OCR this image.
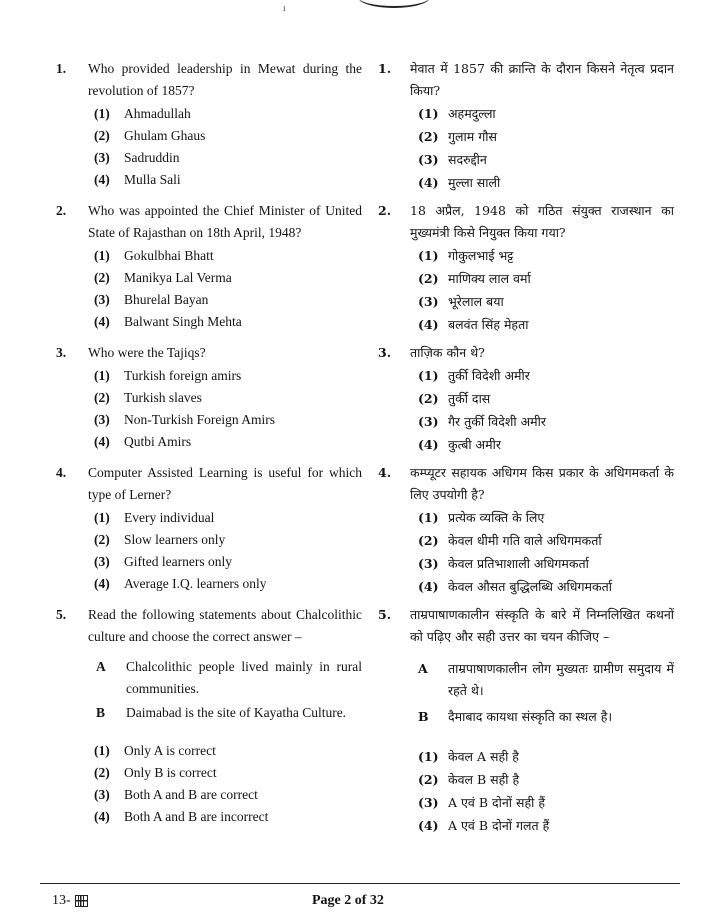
ɪ
1.	Who provided leadership in Mewat during the revolution of 1857?
(1)	Ahmadullah
(2)	Ghulam Ghaus
(3)	Sadruddin
(4)	Mulla Sali
2.	Who was appointed the Chief Minister of United State of Rajasthan on 18th April, 1948?
(1)	Gokulbhai Bhatt
(2)	Manikya Lal Verma
(3)	Bhurelal Bayan
(4)	Balwant Singh Mehta
3.	Who were the Tajiqs?
(1)	Turkish foreign amirs
(2)	Turkish slaves
(3)	Non-Turkish Foreign Amirs
(4)	Qutbi Amirs
4.	Computer Assisted Learning is useful for which type of Lerner?
(1)	Every individual
(2)	Slow learners only
(3)	Gifted learners only
(4)	Average I.Q. learners only
5.	Read the following statements about Chalcolithic culture and choose the correct answer –
A	Chalcolithic people lived mainly in rural communities.
B	Daimabad is the site of Kayatha Culture.
(1)	Only A is correct
(2)	Only B is correct
(3)	Both A and B are correct
(4)	Both A and B are incorrect
1.	मेवात में 1857 की क्रान्ति के दौरान किसने नेतृत्व प्रदान किया?
(1) अहमदुल्ला
(2) गुलाम गौस
(3) सदरुद्दीन
(4) मुल्ला साली
2.	18 अप्रैल, 1948 को गठित संयुक्त राजस्थान का मुख्यमंत्री किसे नियुक्त किया गया?
(1) गोकुलभाई भट्ट
(2) माणिक्य लाल वर्मा
(3) भूरेलाल बया
(4) बलवंत सिंह मेहता
3.	ताज़िक कौन थे?
(1) तुर्की विदेशी अमीर
(2) तुर्की दास
(3) गैर तुर्की विदेशी अमीर
(4) कुत्बी अमीर
4.	कम्प्यूटर सहायक अधिगम किस प्रकार के अधिगमकर्ता के लिए उपयोगी है?
(1) प्रत्येक व्यक्ति के लिए
(2) केवल धीमी गति वाले अधिगमकर्ता
(3) केवल प्रतिभाशाली अधिगमकर्ता
(4) केवल औसत बुद्धिलब्धि अधिगमकर्ता
5.	ताम्रपाषाणकालीन संस्कृति के बारे में निम्नलिखित कथनों को पढ़िए और सही उत्तर का चयन कीजिए –
A	ताम्रपाषाणकालीन लोग मुख्यतः ग्रामीण समुदाय में रहते थे।
B	दैमाबाद कायथा संस्कृति का स्थल है।
(1) केवल A सही है
(2) केवल B सही है
(3) A एवं B दोनों सही हैं
(4) A एवं B दोनों गलत हैं
13-	Page 2 of 32
